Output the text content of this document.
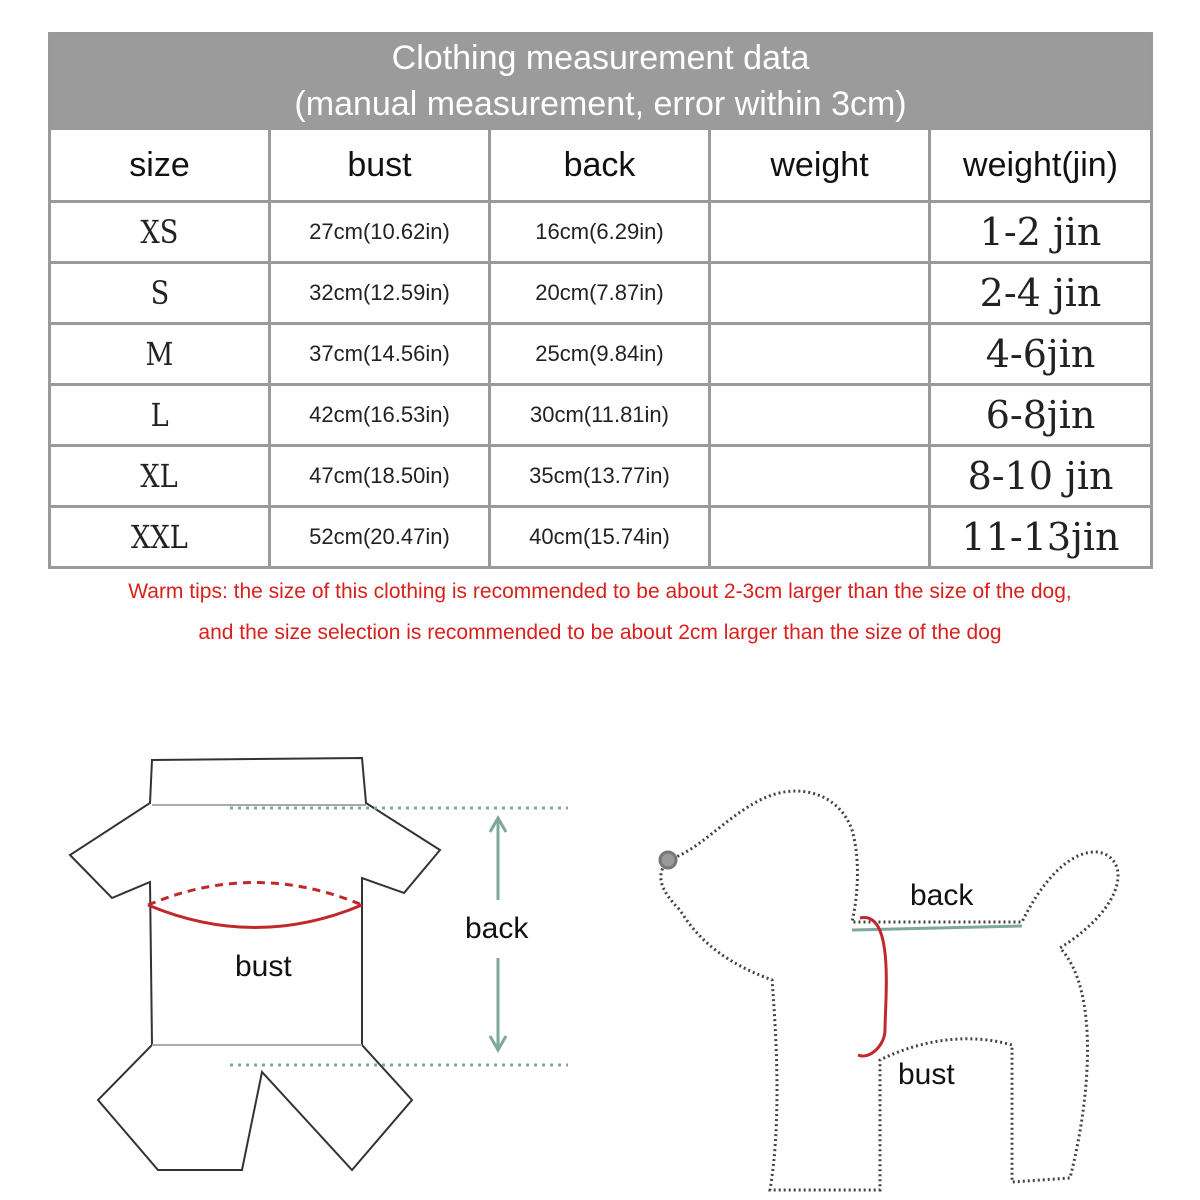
Clothing measurement data
(manual measurement, error within 3cm)				

size	bust	back	weight	weight(jin)
XS	27cm(10.62in)	16cm(6.29in)		1-2 jin
S	32cm(12.59in)	20cm(7.87in)		2-4 jin
M	37cm(14.56in)	25cm(9.84in)		4-6jin
L	42cm(16.53in)	30cm(11.81in)		6-8jin
XL	47cm(18.50in)	35cm(13.77in)		8-10 jin
XXL	52cm(20.47in)	40cm(15.74in)		11-13jin
Warm tips: the size of this clothing is recommended to be about 2-3cm larger than the size of the dog,
and the size selection is recommended to be about 2cm larger than the size of the dog
bust
back
back
bust
